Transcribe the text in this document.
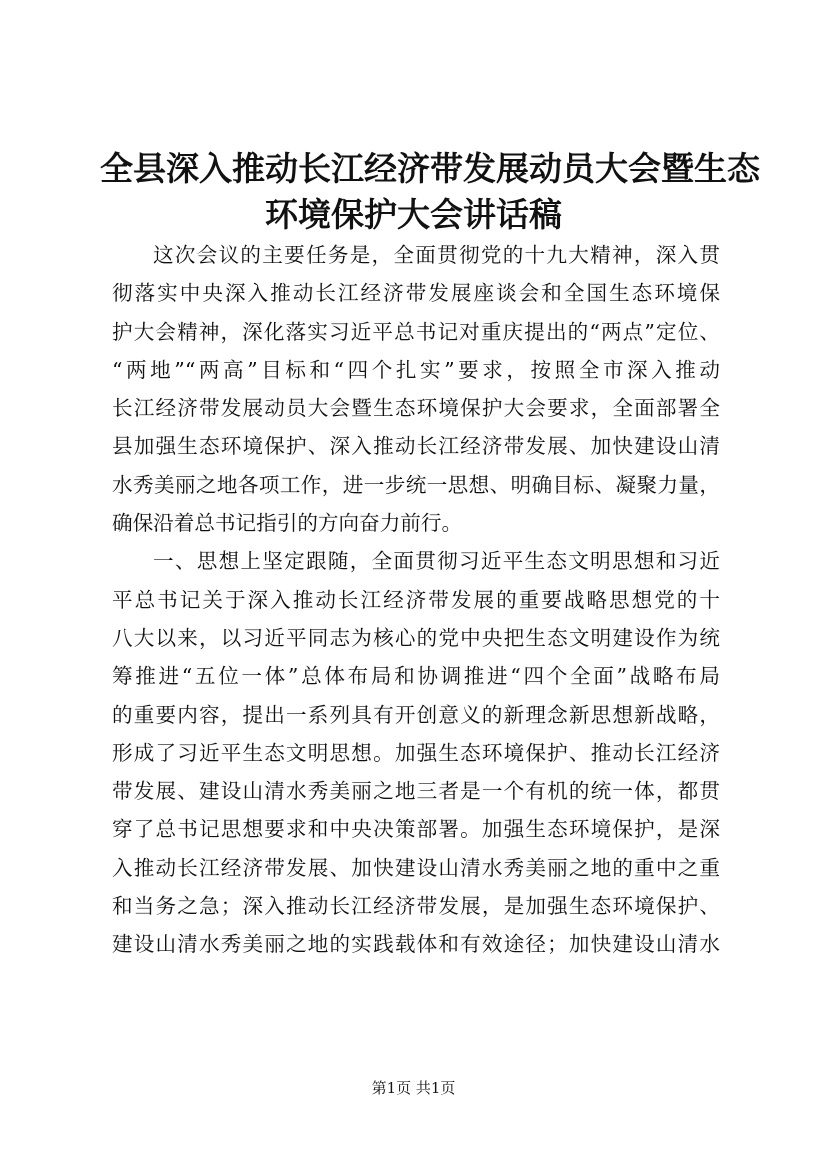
全县深入推动长江经济带发展动员大会暨生态
环境保护大会讲话稿
这次会议的主要任务是，全面贯彻党的十九大精神，深入贯
彻落实中央深入推动长江经济带发展座谈会和全国生态环境保
护大会精神，深化落实习近平总书记对重庆提出的“两点”定位、
“两地”“两高”目标和“四个扎实”要求，按照全市深入推动
长江经济带发展动员大会暨生态环境保护大会要求，全面部署全
县加强生态环境保护、深入推动长江经济带发展、加快建设山清
水秀美丽之地各项工作，进一步统一思想、明确目标、凝聚力量，
确保沿着总书记指引的方向奋力前行。
一、思想上坚定跟随，全面贯彻习近平生态文明思想和习近
平总书记关于深入推动长江经济带发展的重要战略思想党的十
八大以来，以习近平同志为核心的党中央把生态文明建设作为统
筹推进“五位一体”总体布局和协调推进“四个全面”战略布局
的重要内容，提出一系列具有开创意义的新理念新思想新战略，
形成了习近平生态文明思想。加强生态环境保护、推动长江经济
带发展、建设山清水秀美丽之地三者是一个有机的统一体，都贯
穿了总书记思想要求和中央决策部署。加强生态环境保护，是深
入推动长江经济带发展、加快建设山清水秀美丽之地的重中之重
和当务之急；深入推动长江经济带发展，是加强生态环境保护、
建设山清水秀美丽之地的实践载体和有效途径；加快建设山清水
第1页 共1页
